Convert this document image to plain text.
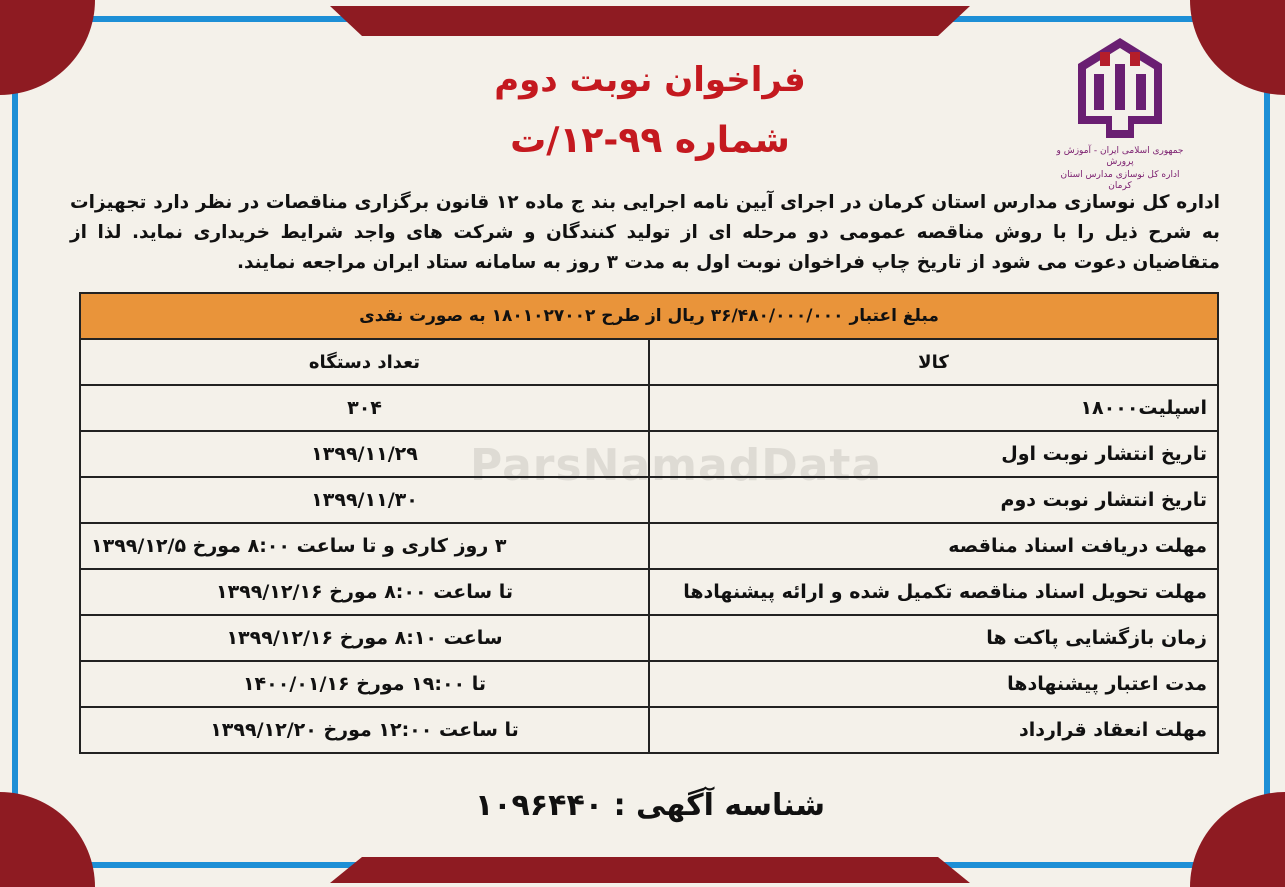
جمهوری اسلامی ایران - آموزش و پرورش
اداره کل نوسازی مدارس استان کرمان
فراخوان نوبت دوم
شماره ۹۹-۱۲/ت
اداره کل نوسازی مدارس استان کرمان در اجرای آیین نامه اجرایی بند ج ماده ۱۲ قانون برگزاری مناقصات در نظر دارد تجهیزات به شرح ذیل را با روش مناقصه عمومی دو مرحله ای از تولید کنندگان و شرکت های واجد شرایط خریداری نماید. لذا از متقاضیان دعوت می شود از تاریخ چاپ فراخوان نوبت اول به مدت ۳ روز به سامانه ستاد ایران مراجعه نمایند.
ParsNamadData
مبلغ اعتبار ۳۶/۴۸۰/۰۰۰/۰۰۰ ریال از طرح ۱۸۰۱۰۲۷۰۰۲ به صورت نقدی	
کالا	تعداد دستگاه
اسپلیت۱۸۰۰۰	۳۰۴
تاریخ انتشار نوبت اول	۱۳۹۹/۱۱/۲۹
تاریخ انتشار نوبت دوم	۱۳۹۹/۱۱/۳۰
مهلت دریافت اسناد مناقصه	۳ روز کاری و تا ساعت ۸:۰۰ مورخ ۱۳۹۹/۱۲/۵
مهلت تحویل اسناد مناقصه تکمیل شده و ارائه پیشنهادها	تا ساعت ۸:۰۰ مورخ ۱۳۹۹/۱۲/۱۶
زمان بازگشایی پاکت ها	ساعت ۸:۱۰ مورخ ۱۳۹۹/۱۲/۱۶
مدت اعتبار پیشنهادها	تا ۱۹:۰۰ مورخ ۱۴۰۰/۰۱/۱۶
مهلت انعقاد قرارداد	تا ساعت ۱۲:۰۰ مورخ ۱۳۹۹/۱۲/۲۰
شناسه آگهی : ۱۰۹۶۴۴۰
